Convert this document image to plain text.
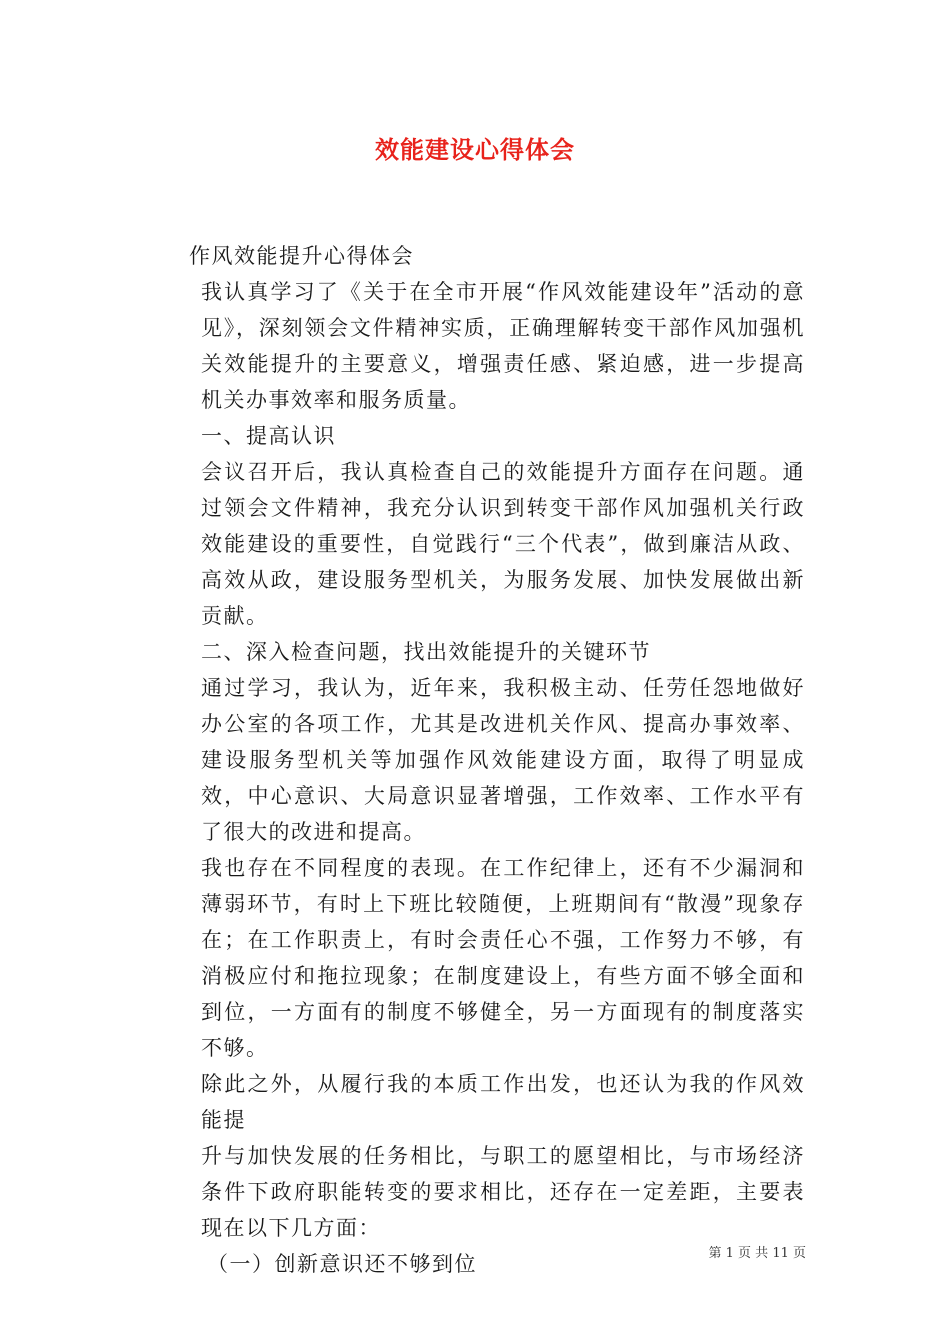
效能建设心得体会

作风效能提升心得体会

我认真学习了《关于在全市开展“作风效能建设年”活动的意见》，深刻领会文件精神实质，正确理解转变干部作风加强机关效能提升的主要意义，增强责任感、紧迫感，进一步提高机关办事效率和服务质量。

一、提高认识

会议召开后，我认真检查自己的效能提升方面存在问题。通过领会文件精神，我充分认识到转变干部作风加强机关行政效能建设的重要性，自觉践行“三个代表”，做到廉洁从政、高效从政，建设服务型机关，为服务发展、加快发展做出新贡献。

二、深入检查问题，找出效能提升的关键环节

通过学习，我认为，近年来，我积极主动、任劳任怨地做好办公室的各项工作，尤其是改进机关作风、提高办事效率、建设服务型机关等加强作风效能建设方面，取得了明显成效，中心意识、大局意识显著增强，工作效率、工作水平有了很大的改进和提高。

我也存在不同程度的表现。在工作纪律上，还有不少漏洞和薄弱环节，有时上下班比较随便，上班期间有“散漫”现象存在；在工作职责上，有时会责任心不强，工作努力不够，有消极应付和拖拉现象；在制度建设上，有些方面不够全面和到位，一方面有的制度不够健全，另一方面现有的制度落实不够。

除此之外，从履行我的本质工作出发，也还认为我的作风效能提

升与加快发展的任务相比，与职工的愿望相比，与市场经济条件下政府职能转变的要求相比，还存在一定差距，主要表现在以下几方面：

（一）创新意识还不够到位	第 1 页 共 11 页
